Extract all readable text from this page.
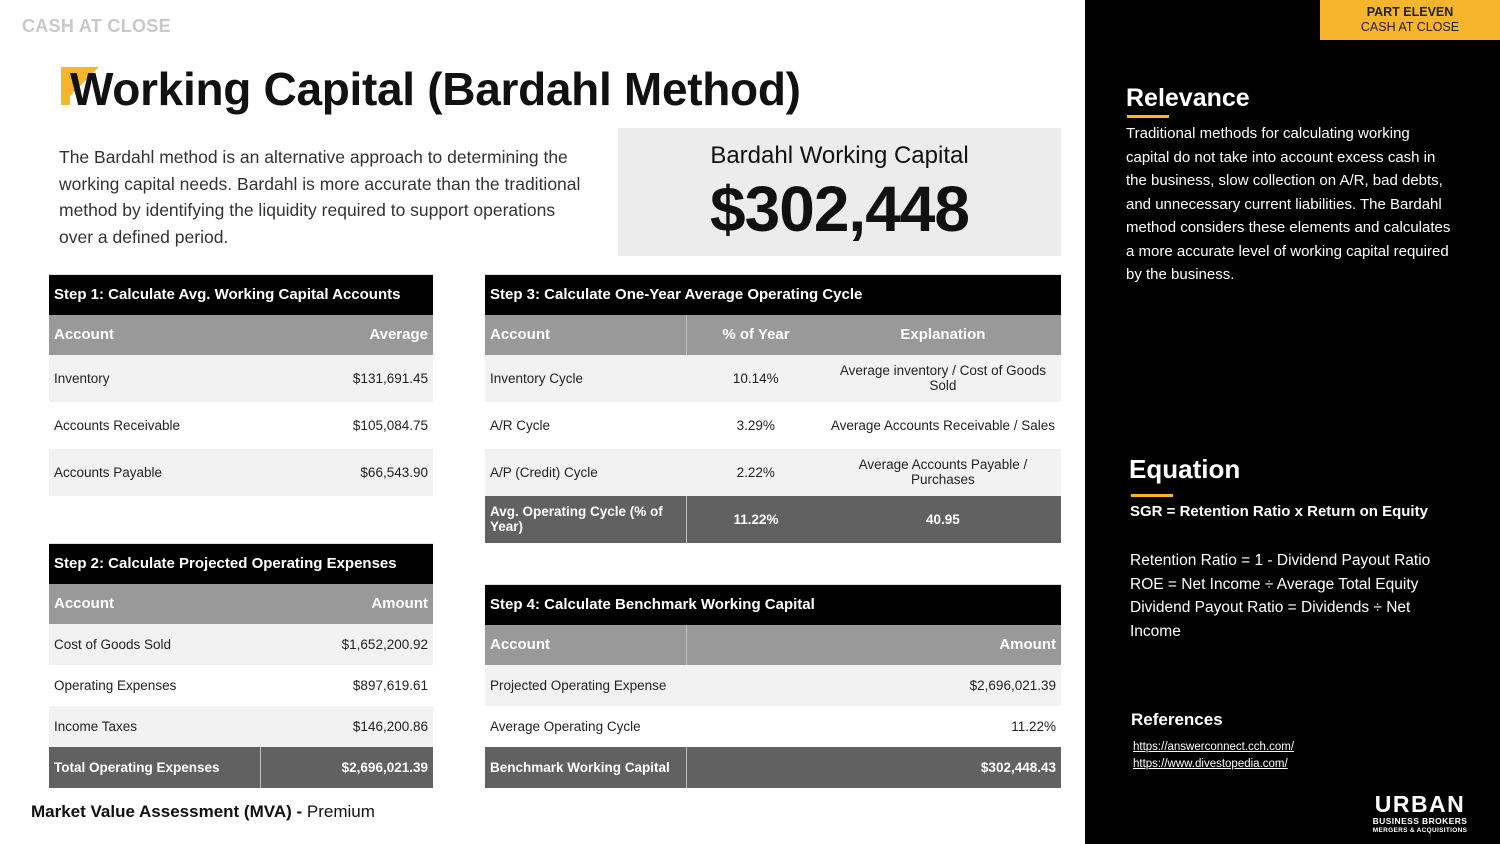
CASH AT CLOSE
Working Capital (Bardahl Method)

The Bardahl method is an alternative approach to determining the working capital needs. Bardahl is more accurate than the traditional method by identifying the liquidity required to support operations over a defined period.

Bardahl Working Capital
$302,448
Step 1: Calculate Avg. Working Capital Accounts	
Account	Average
Inventory	$131,691.45
Accounts Receivable	$105,084.75
Accounts Payable	$66,543.90
Step 2: Calculate Projected Operating Expenses	
Account	Amount
Cost of Goods Sold	$1,652,200.92
Operating Expenses	$897,619.61
Income Taxes	$146,200.86
Total Operating Expenses	$2,696,021.39
Step 3: Calculate One-Year Average Operating Cycle		
Account	% of Year	Explanation
Inventory Cycle	10.14%	Average inventory / Cost of Goods Sold
A/R Cycle	3.29%	Average Accounts Receivable / Sales
A/P (Credit) Cycle	2.22%	Average Accounts Payable / Purchases
Avg. Operating Cycle (% of Year)	11.22%	40.95
Step 4: Calculate Benchmark Working Capital	
Account	Amount
Projected Operating Expense	$2,696,021.39
Average Operating Cycle	11.22%
Benchmark Working Capital	$302,448.43
Market Value Assessment (MVA) - Premium
PART ELEVEN
CASH AT CLOSE
Relevance

Traditional methods for calculating working capital do not take into account excess cash in the business, slow collection on A/R, bad debts, and unnecessary current liabilities. The Bardahl method considers these elements and calculates a more accurate level of working capital required by the business.

Equation
SGR = Retention Ratio x Return on Equity
Retention Ratio = 1 - Dividend Payout Ratio
ROE = Net Income ÷ Average Total Equity
Dividend Payout Ratio = Dividends ÷ Net Income
References
https://answerconnect.cch.com/
https://www.divestopedia.com/
URBAN
BUSINESS BROKERS
MERGERS & ACQUISITIONS
